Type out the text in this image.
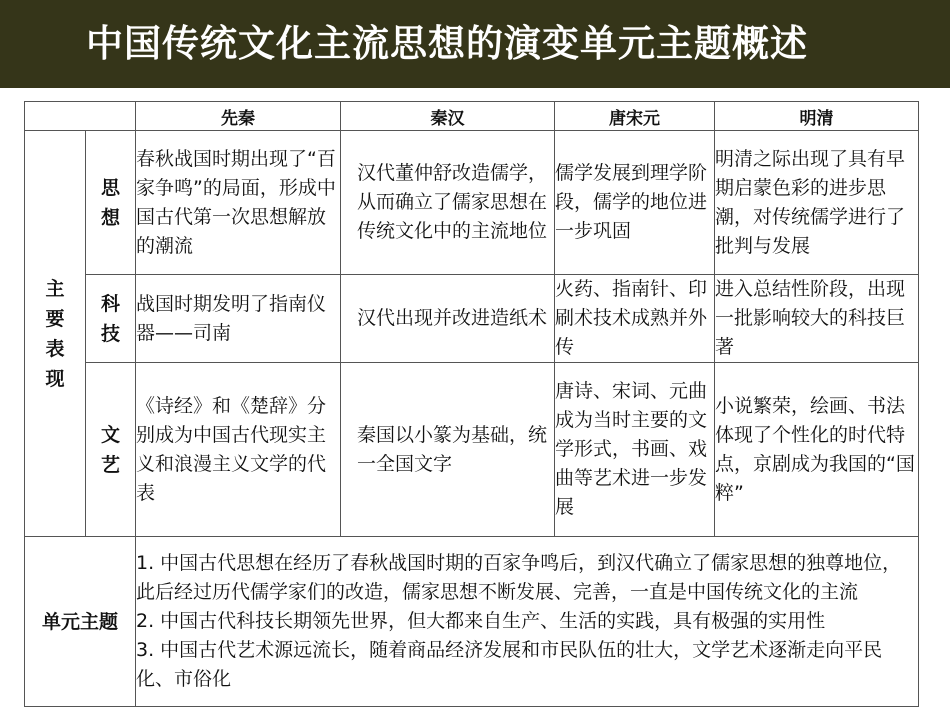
中国传统文化主流思想的演变单元主题概述
		先秦	秦汉	唐宋元	明清
主要表现	思想	春秋战国时期出现了“百家争鸣”的局面，形成中国古代第一次思想解放的潮流	汉代董仲舒改造儒学，从而确立了儒家思想在传统文化中的主流地位	儒学发展到理学阶段，儒学的地位进一步巩固	明清之际出现了具有早期启蒙色彩的进步思潮，对传统儒学进行了批判与发展
	科技	战国时期发明了指南仪器——司南	汉代出现并改进造纸术	火药、指南针、印刷术技术成熟并外传	进入总结性阶段，出现一批影响较大的科技巨著
	文艺	《诗经》和《楚辞》分别成为中国古代现实主义和浪漫主义文学的代表	秦国以小篆为基础，统一全国文字	唐诗、宋词、元曲成为当时主要的文学形式，书画、戏曲等艺术进一步发展	小说繁荣，绘画、书法体现了个性化的时代特点，京剧成为我国的“国粹”
单元主题		1. 中国古代思想在经历了春秋战国时期的百家争鸣后，到汉代确立了儒家思想的独尊地位，此后经过历代儒学家们的改造，儒家思想不断发展、完善，一直是中国传统文化的主流
2. 中国古代科技长期领先世界，但大都来自生产、生活的实践，具有极强的实用性
3. 中国古代艺术源远流长，随着商品经济发展和市民队伍的壮大，文学艺术逐渐走向平民化、市俗化			
